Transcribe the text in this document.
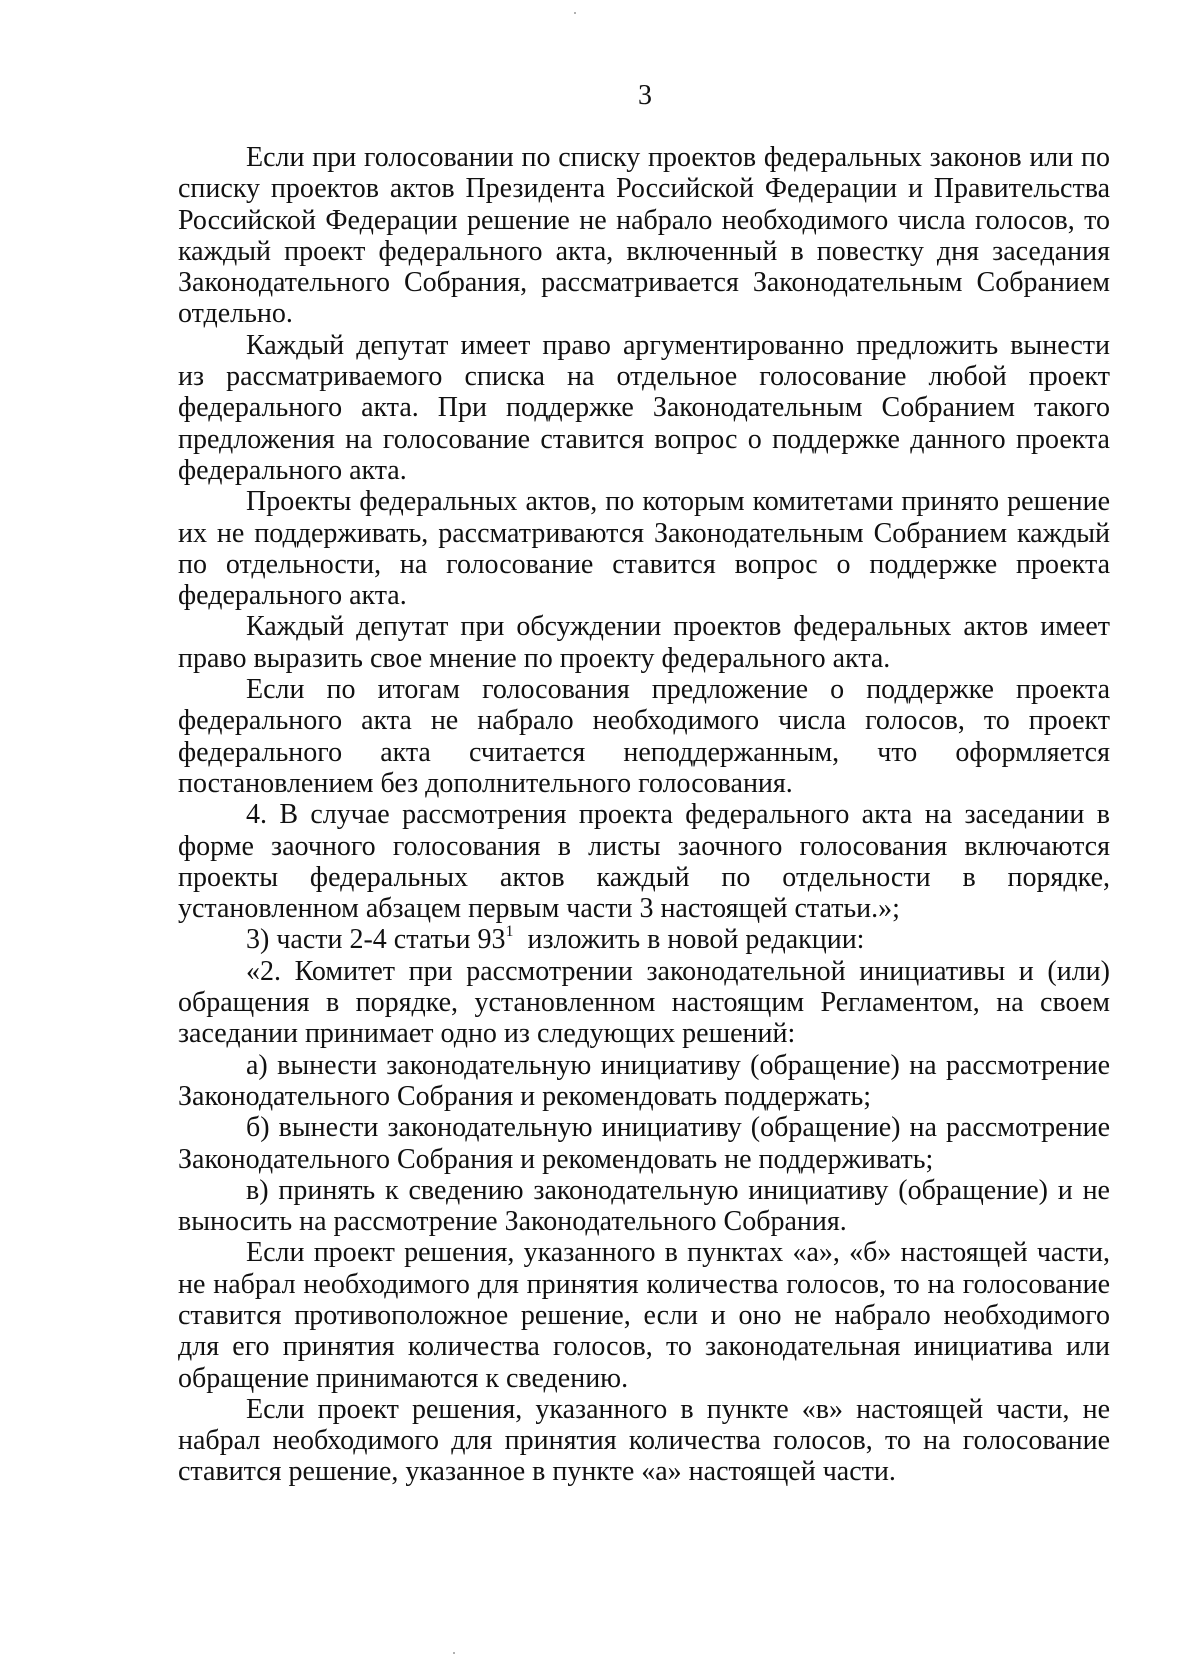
3

Если при голосовании по списку проектов федеральных законов или по списку проектов актов Президента Российской Федерации и Правительства Российской Федерации решение не набрало необходимого числа голосов, то каждый проект федерального акта, включенный в повестку дня заседания Законодательного Собрания, рассматривается Законодательным Собранием отдельно.

Каждый депутат имеет право аргументированно предложить вынести из рассматриваемого списка на отдельное голосование любой проект федерального акта. При поддержке Законодательным Собранием такого предложения на голосование ставится вопрос о поддержке данного проекта федерального акта.

Проекты федеральных актов, по которым комитетами принято решение их не поддерживать, рассматриваются Законодательным Собранием каждый по отдельности, на голосование ставится вопрос о поддержке проекта федерального акта.

Каждый депутат при обсуждении проектов федеральных актов имеет право выразить свое мнение по проекту федерального акта.

Если по итогам голосования предложение о поддержке проекта федерального акта не набрало необходимого числа голосов, то проект федерального акта считается неподдержанным, что оформляется постановлением без дополнительного голосования.

4. В случае рассмотрения проекта федерального акта на заседании в форме заочного голосования в листы заочного голосования включаются проекты федеральных актов каждый по отдельности в порядке, установленном абзацем первым части 3 настоящей статьи.»;

3) части 2-4 статьи $93^1$  изложить в новой редакции:

«2. Комитет при рассмотрении законодательной инициативы и (или) обращения в порядке, установленном настоящим Регламентом, на своем заседании принимает одно из следующих решений:

а) вынести законодательную инициативу (обращение) на рассмотрение Законодательного Собрания и рекомендовать поддержать;

б) вынести законодательную инициативу (обращение) на рассмотрение Законодательного Собрания и рекомендовать не поддерживать;

в) принять к сведению законодательную инициативу (обращение) и не выносить на рассмотрение Законодательного Собрания.

Если проект решения, указанного в пунктах «а», «б» настоящей части, не набрал необходимого для принятия количества голосов, то на голосование ставится противоположное решение, если и оно не набрало необходимого для его принятия количества голосов, то законодательная инициатива или обращение принимаются к сведению.

Если проект решения, указанного в пункте «в» настоящей части, не набрал необходимого для принятия количества голосов, то на голосование ставится решение, указанное в пункте «а» настоящей части.
